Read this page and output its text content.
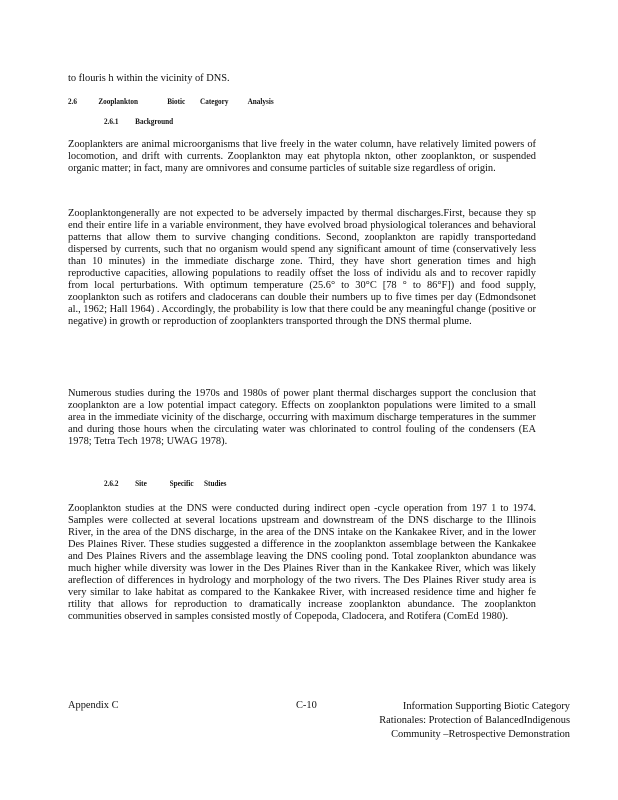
to flouris h within the vicinity of DNS.
2.6 Zooplankton	Biotic Category Analysis
2.6.1 Background
Zooplankters are animal microorganisms that live freely in the water column, have relatively limited powers of locomotion, and drift with currents. Zooplankton may eat phytopla nkton, other zooplankton, or suspended organic matter; in fact, many are omnivores and consume particles of suitable size regardless of origin.
Zooplanktongenerally are not expected to be adversely impacted by thermal discharges.First, because they sp end their entire life in a variable environment, they have evolved broad physiological tolerances and behavioral patterns that allow them to survive changing conditions. Second, zooplankton are rapidly transportedand dispersed by currents, such that no organism would spend any significant amount of time (conservatively less than 10 minutes) in the immediate discharge zone. Third, they have short generation times and high reproductive capacities, allowing populations to readily offset the loss of individu als and to recover rapidly from local perturbations. With optimum temperature (25.6° to 30°C [78 ° to 86°F]) and food supply, zooplankton such as rotifers and cladocerans can double their numbers up to five times per day (Edmondsonet al., 1962; Hall 1964) . Accordingly, the probability is low that there could be any meaningful change (positive or negative) in growth or reproduction of zooplankters transported through the DNS thermal plume.
Numerous studies during the 1970s and 1980s of power plant thermal discharges support the conclusion that zooplankton are a low potential impact category. Effects on zooplankton populations were limited to a small area in the immediate vicinity of the discharge, occurring with maximum discharge temperatures in the summer and during those hours when the circulating water was chlorinated to control fouling of the condensers (EA 1978; Tetra Tech 1978; UWAG 1978).
2.6.2 Site	Specific Studies
Zooplankton studies at the DNS were conducted during indirect open -cycle operation from 197 1 to 1974. Samples were collected at several locations upstream and downstream of the DNS discharge to the Illinois River, in the area of the DNS discharge, in the area of the DNS intake on the Kankakee River, and in the lower Des Plaines River. These studies suggested a difference in the zooplankton assemblage between the Kankakee and Des Plaines Rivers and the assemblage leaving the DNS cooling pond. Total zooplankton abundance was much higher while diversity was lower in the Des Plaines River than in the Kankakee River, which was likely areflection of differences in hydrology and morphology of the two rivers. The Des Plaines River study area is very similar to lake habitat as compared to the Kankakee River, with increased residence time and higher fe rtility that allows for reproduction to dramatically increase zooplankton abundance. The zooplankton communities observed in samples consisted mostly of Copepoda, Cladocera, and Rotifera (ComEd 1980).
Appendix C	C-10	Information Supporting Biotic Category Rationales: Protection of BalancedIndigenous Community –Retrospective Demonstration
